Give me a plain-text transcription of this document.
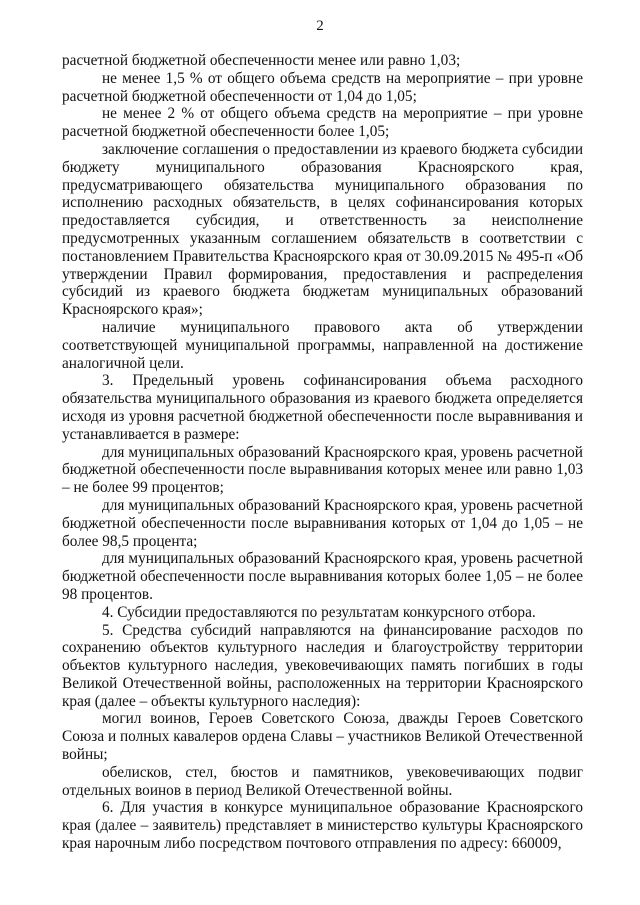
2

расчетной бюджетной обеспеченности менее или равно 1,03;

не менее 1,5 % от общего объема средств на мероприятие – при уровне расчетной бюджетной обеспеченности от 1,04 до 1,05;

не менее 2 % от общего объема средств на мероприятие – при уровне расчетной бюджетной обеспеченности более 1,05;

заключение соглашения о предоставлении из краевого бюджета субсидии бюджету муниципального образования Красноярского края, предусматривающего обязательства муниципального образования по исполнению расходных обязательств, в целях софинансирования которых предоставляется субсидия, и ответственность за неисполнение предусмотренных указанным соглашением обязательств в соответствии с постановлением Правительства Красноярского края от 30.09.2015 № 495-п «Об утверждении Правил формирования, предоставления и распределения субсидий из краевого бюджета бюджетам муниципальных образований Красноярского края»;

наличие муниципального правового акта об утверждении соответствующей муниципальной программы, направленной на достижение аналогичной цели.

3. Предельный уровень софинансирования объема расходного обязательства муниципального образования из краевого бюджета определяется исходя из уровня расчетной бюджетной обеспеченности после выравнивания и устанавливается в размере:

для муниципальных образований Красноярского края, уровень расчетной бюджетной обеспеченности после выравнивания которых менее или равно 1,03 – не более 99 процентов;

для муниципальных образований Красноярского края, уровень расчетной бюджетной обеспеченности после выравнивания которых от 1,04 до 1,05 – не более 98,5 процента;

для муниципальных образований Красноярского края, уровень расчетной бюджетной обеспеченности после выравнивания которых более 1,05 – не более 98 процентов.

4. Субсидии предоставляются по результатам конкурсного отбора.

5. Средства субсидий направляются на финансирование расходов по сохранению объектов культурного наследия и благоустройству территории объектов культурного наследия, увековечивающих память погибших в годы Великой Отечественной войны, расположенных на территории Красноярского края (далее – объекты культурного наследия):

могил воинов, Героев Советского Союза, дважды Героев Советского Союза и полных кавалеров ордена Славы – участников Великой Отечественной войны;

обелисков, стел, бюстов и памятников, увековечивающих подвиг отдельных воинов в период Великой Отечественной войны.

6. Для участия в конкурсе муниципальное образование Красноярского края (далее – заявитель) представляет в министерство культуры Красноярского края нарочным либо посредством почтового отправления по адресу: 660009,
